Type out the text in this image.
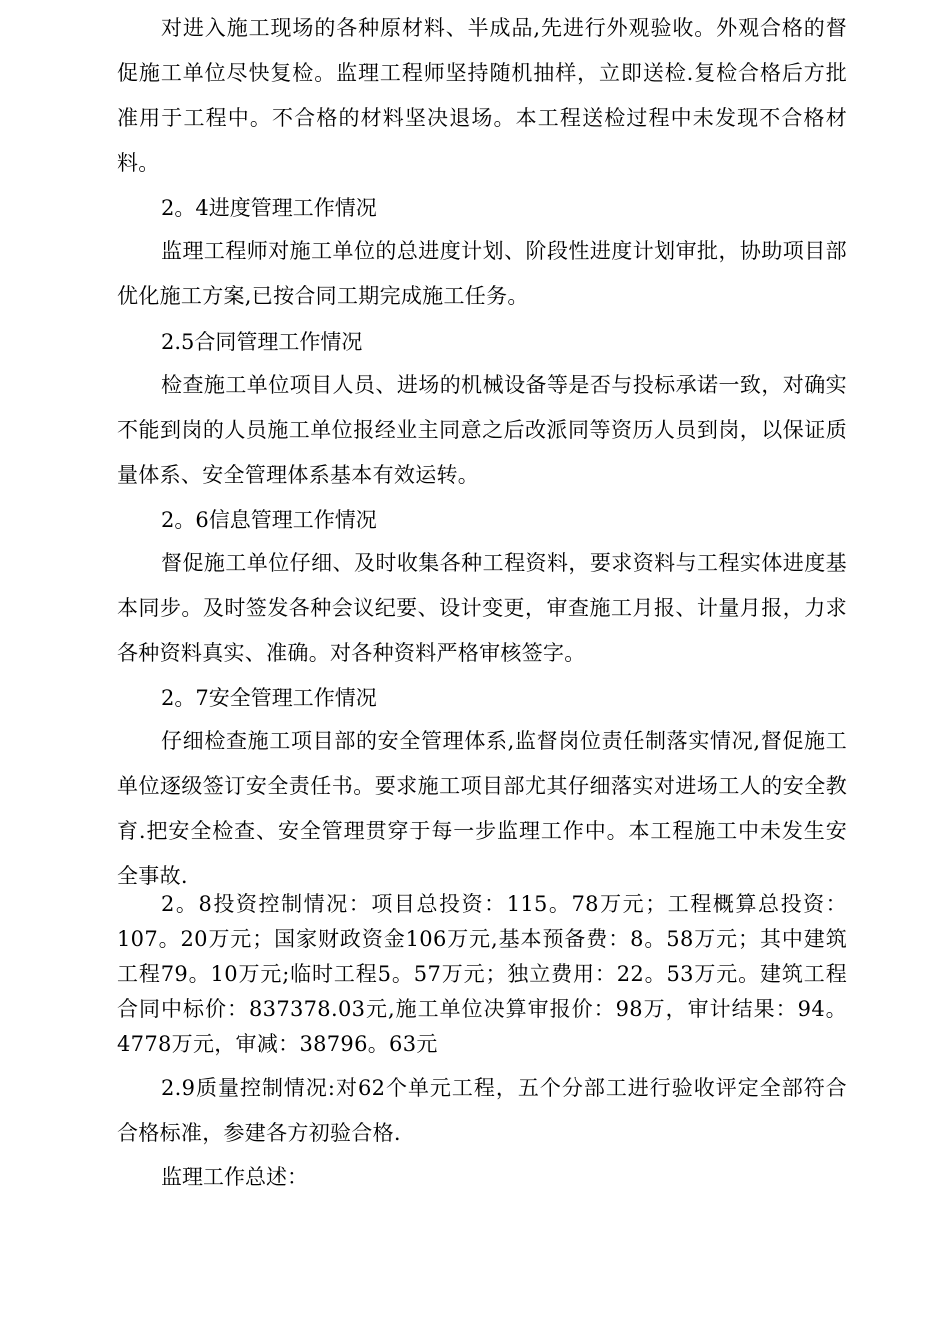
对进入施工现场的各种原材料、半成品,先进行外观验收。外观合格的督促施工单位尽快复检。监理工程师坚持随机抽样，立即送检.复检合格后方批准用于工程中。不合格的材料坚决退场。本工程送检过程中未发现不合格材料。

2。4进度管理工作情况

监理工程师对施工单位的总进度计划、阶段性进度计划审批，协助项目部优化施工方案,已按合同工期完成施工任务。

2.5合同管理工作情况

检查施工单位项目人员、进场的机械设备等是否与投标承诺一致，对确实不能到岗的人员施工单位报经业主同意之后改派同等资历人员到岗，以保证质量体系、安全管理体系基本有效运转。

2。6信息管理工作情况

督促施工单位仔细、及时收集各种工程资料，要求资料与工程实体进度基本同步。及时签发各种会议纪要、设计变更，审查施工月报、计量月报，力求各种资料真实、准确。对各种资料严格审核签字。

2。7安全管理工作情况

仔细检查施工项目部的安全管理体系,监督岗位责任制落实情况,督促施工单位逐级签订安全责任书。要求施工项目部尤其仔细落实对进场工人的安全教育.把安全检查、安全管理贯穿于每一步监理工作中。本工程施工中未发生安全事故.

2。8投资控制情况：项目总投资：115。78万元；工程概算总投资：107。20万元；国家财政资金106万元,基本预备费：8。58万元；其中建筑工程79。10万元;临时工程5。57万元；独立费用：22。53万元。建筑工程合同中标价：837378.03元,施工单位决算审报价：98万，审计结果：94。4778万元，审减：38796。63元

2.9质量控制情况:对62个单元工程，五个分部工进行验收评定全部符合合格标准，参建各方初验合格.

监理工作总述：
